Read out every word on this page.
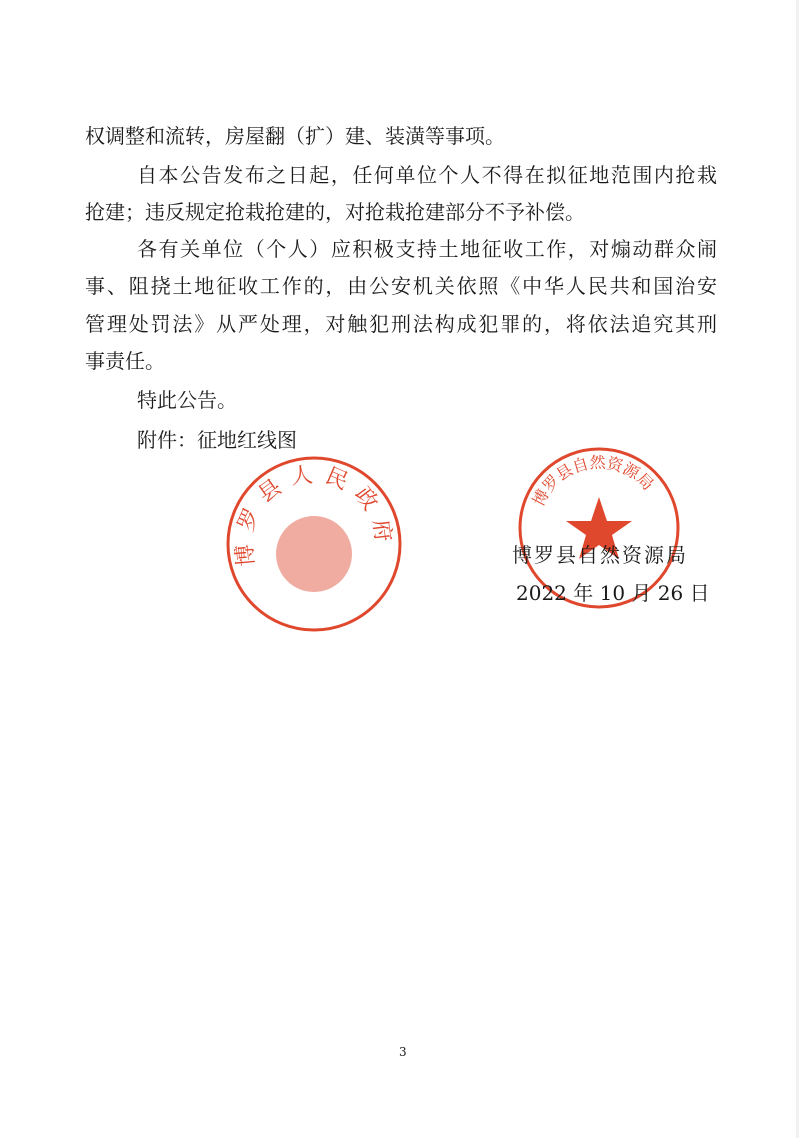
权调整和流转，房屋翻（扩）建、装潢等事项。
自本公告发布之日起，任何单位个人不得在拟征地范围内抢栽
抢建；违反规定抢栽抢建的，对抢栽抢建部分不予补偿。
各有关单位（个人）应积极支持土地征收工作，对煽动群众闹
事、阻挠土地征收工作的，由公安机关依照《中华人民共和国治安
管理处罚法》从严处理，对触犯刑法构成犯罪的，将依法追究其刑
事责任。
特此公告。
附件：征地红线图
博罗县人民政府
博罗县自然资源局
博罗县自然资源局
2022 年 10 月 26 日
3
